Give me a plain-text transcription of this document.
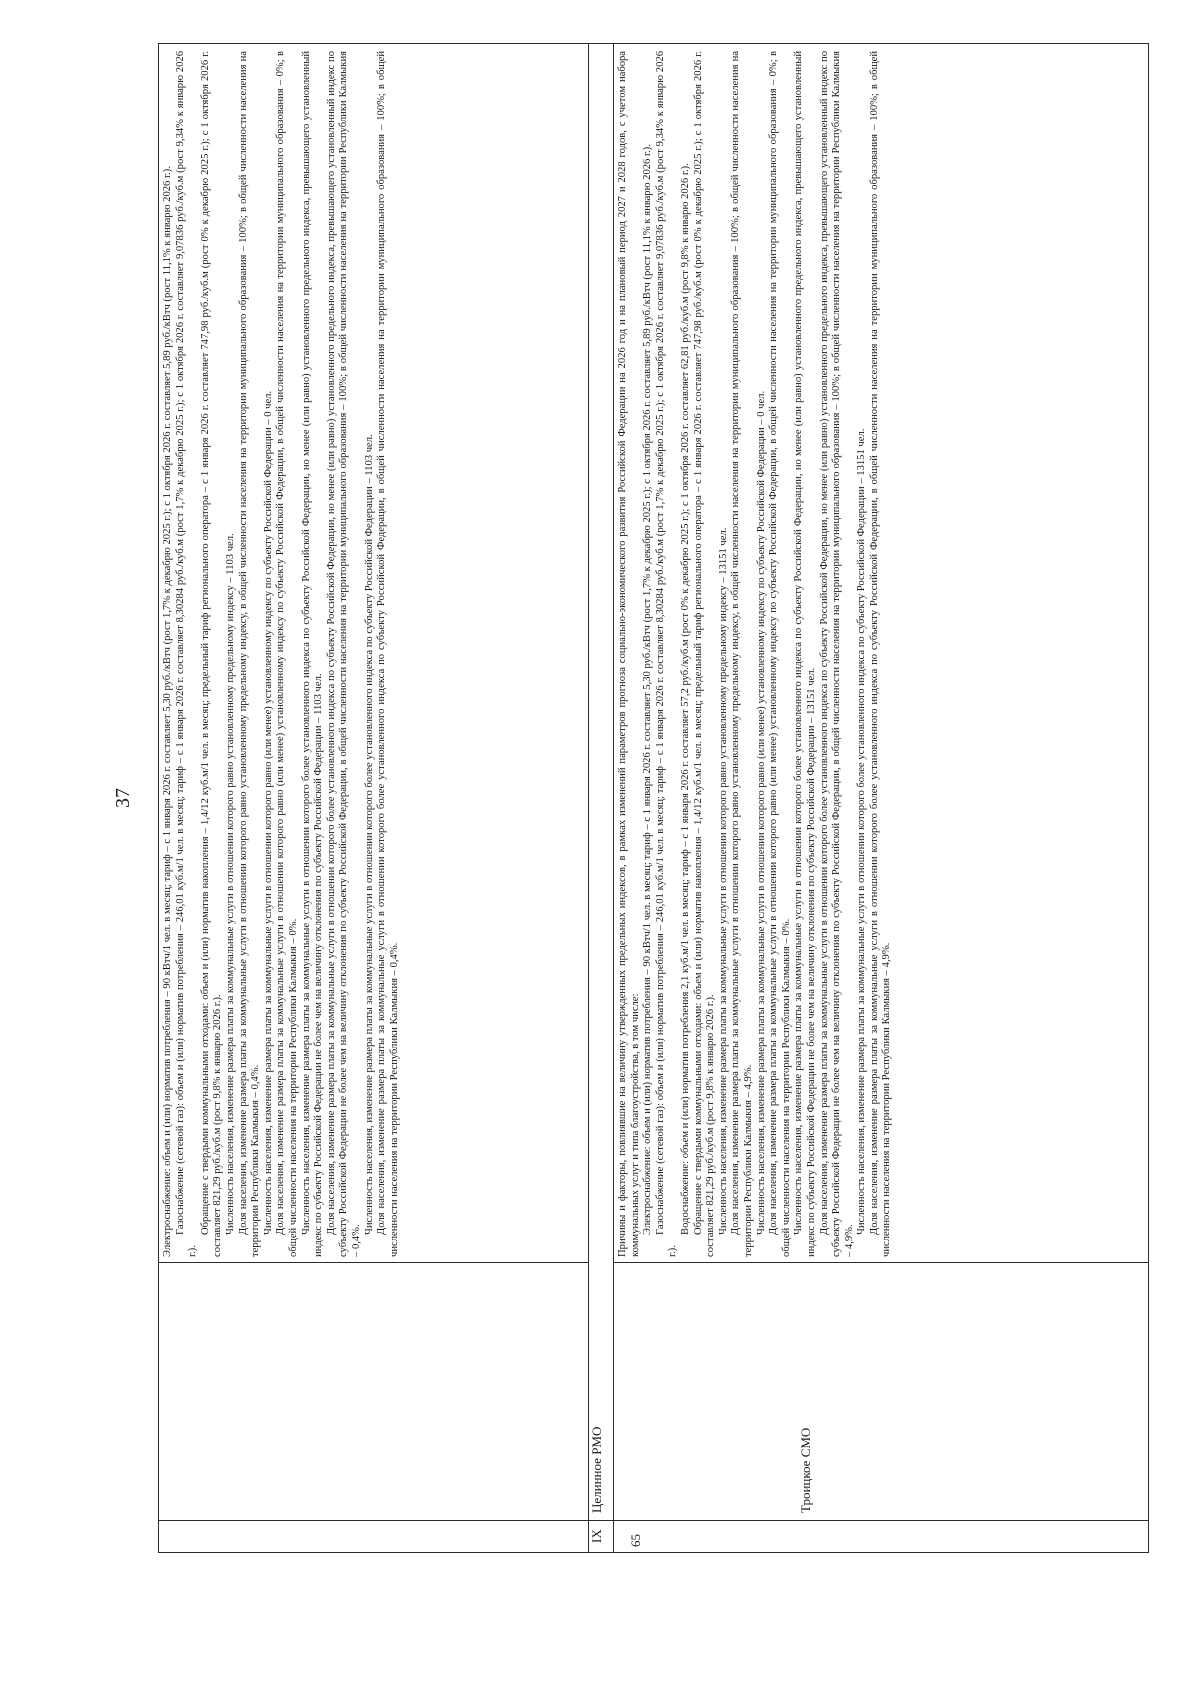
37	Электроснабжение: объем и (или) норматив потребления – 90 кВтч/1 чел. в месяц; тариф – с 1 января 2026 г. составляет 5,30 руб./кВтч (рост 1,7% к декабрю 2025 г.); с 1 октября 2026 г. составляет 5,89 руб./кВтч (рост 11,1% к январю 2026 г.). Газоснабжение (сетевой газ): объем и (или) норматив потребления – 246,01 куб.м/1 чел. в месяц; тариф – с 1 января 2026 г. составляет 8,30284 руб./куб.м (рост 1,7% к декабрю 2025 г.); с 1 октября 2026 г. составляет 9,07836 руб./куб.м (рост 9,34% к январю 2026 г.).

Обращение с твердыми коммунальными отходами: объем и (или) норматив накопления – 1,4/12 куб.м/1 чел. в месяц; предельный тариф регионального оператора – с 1 января 2026 г. составляет 747,98 руб./куб.м (рост 0% к декабрю 2025 г.); с 1 октября 2026 г. составляет 821,29 руб./куб.м (рост 9,8% к январю 2026 г.). Численность населения, изменение размера платы за коммунальные услуги в отношении которого равно установленному предельному индексу – 1103 чел. Доля населения, изменение размера платы за коммунальные услуги в отношении которого равно установленному предельному индексу, в общей численности населения на территории муниципального образования – 100%; в общей численности населения на территории Республики Калмыкия – 0,4%. Численность населения, изменение размера платы за коммунальные услуги в отношении которого равно (или менее) установленному индексу по субъекту Российской Федерации – 0 чел. Доля населения, изменение размера платы за коммунальные услуги в отношении которого равно (или менее) установленному индексу по субъекту Российской Федерации, в общей численности населения на территории муниципального образования – 0%; в общей численности населения на территории Республики Калмыкия – 0%. Численность населения, изменение размера платы за коммунальные услуги в отношении которого более установленного индекса по субъекту Российской Федерации, но менее (или равно) установленного предельного индекса, превышающего установленный индекс по субъекту Российской Федерации не более чем на величину отклонения по субъекту Российской Федерации – 1103 чел. Доля населения, изменение размера платы за коммунальные услуги в отношении которого более установленного индекса по субъекту Российской Федерации, но менее (или равно) установленного предельного индекса, превышающего установленный индекс по субъекту Российской Федерации не более чем на величину отклонения по субъекту Российской Федерации, в общей численности населения на территории муниципального образования – 100%; в общей численности населения на территории Республики Калмыкия – 0,4%.

Численность населения, изменение размера платы за коммунальные услуги в отношении которого более установленного индекса по субъекту Российской Федерации – 1103 чел. Доля населения, изменение размера платы за коммунальные услуги в отношении которого более установленного индекса по субъекту Российской Федерации, в общей численности населения на территории муниципального образования – 100%; в общей численности населения на территории Республики Калмыкия – 0,4%.

IX
Целинное РМО
65
Троицкое СМО

Причины и факторы, повлиявшие на величину утвержденных предельных индексов, в рамках изменений параметров прогноза социально-экономического развития Российской Федерации на 2026 год и на плановый период 2027 и 2028 годов, с учетом набора коммунальных услуг и типа благоустройства, в том числе: Электроснабжение: объем и (или) норматив потребления – 90 кВтч/1 чел. в месяц; тариф – с 1 января 2026 г. составляет 5,30 руб./кВтч (рост 1,7% к декабрю 2025 г.); с 1 октября 2026 г. составляет 5,89 руб./кВтч (рост 11,1% к январю 2026 г.). Газоснабжение (сетевой газ): объем и (или) норматив потребления – 246,01 куб.м/1 чел. в месяц; тариф – с 1 января 2026 г. составляет 8,30284 руб./куб.м (рост 1,7% к декабрю 2025 г.); с 1 октября 2026 г. составляет 9,07836 руб./куб.м (рост 9,34% к январю 2026 г.).

Водоснабжение: объем и (или) норматив потребления 2,1 куб.м/1 чел. в месяц; тариф – с 1 января 2026 г. составляет 57,2 руб./куб.м (рост 0% к декабрю 2025 г.); с 1 октября 2026 г. составляет 62,81 руб./куб.м (рост 9,8% к январю 2026 г.). Обращение с твердыми коммунальными отходами: объем и (или) норматив накопления – 1,4/12 куб.м/1 чел. в месяц; предельный тариф регионального оператора – с 1 января 2026 г. составляет 747,98 руб./куб.м (рост 0% к декабрю 2025 г.); с 1 октября 2026 г. составляет 821,29 руб./куб.м (рост 9,8% к январю 2026 г.). Численность населения, изменение размера платы за коммунальные услуги в отношении которого равно установленному предельному индексу – 13151 чел. Доля населения, изменение размера платы за коммунальные услуги в отношении которого равно установленному предельному индексу, в общей численности населения на территории муниципального образования – 100%; в общей численности населения на территории Республики Калмыкия – 4,9%. Численность населения, изменение размера платы за коммунальные услуги в отношении которого равно (или менее) установленному индексу по субъекту Российской Федерации – 0 чел. Доля населения, изменение размера платы за коммунальные услуги в отношении которого равно (или менее) установленному индексу по субъекту Российской Федерации, в общей численности населения на территории муниципального образования – 0%; в общей численности населения на территории Республики Калмыкия – 0%. Численность населения, изменение размера платы за коммунальные услуги в отношении которого более установленного индекса по субъекту Российской Федерации, но менее (или равно) установленного предельного индекса, превышающего установленный индекс по субъекту Российской Федерации не более чем на величину отклонения по субъекту Российской Федерации – 13151 чел. Доля населения, изменение размера платы за коммунальные услуги в отношении которого более установленного индекса по субъекту Российской Федерации, но менее (или равно) установленного предельного индекса, превышающего установленный индекс по субъекту Российской Федерации не более чем на величину отклонения по субъекту Российской Федерации, в общей численности населения на территории муниципального образования – 100%; в общей численности населения на территории Республики Калмыкия – 4,9%.

Численность населения, изменение размера платы за коммунальные услуги в отношении которого более установленного индекса по субъекту Российской Федерации – 13151 чел. Доля населения, изменение размера платы за коммунальные услуги в отношении которого более установленного индекса по субъекту Российской Федерации, в общей численности населения на территории муниципального образования – 100%; в общей численности населения на территории Республики Калмыкия – 4,9%.
